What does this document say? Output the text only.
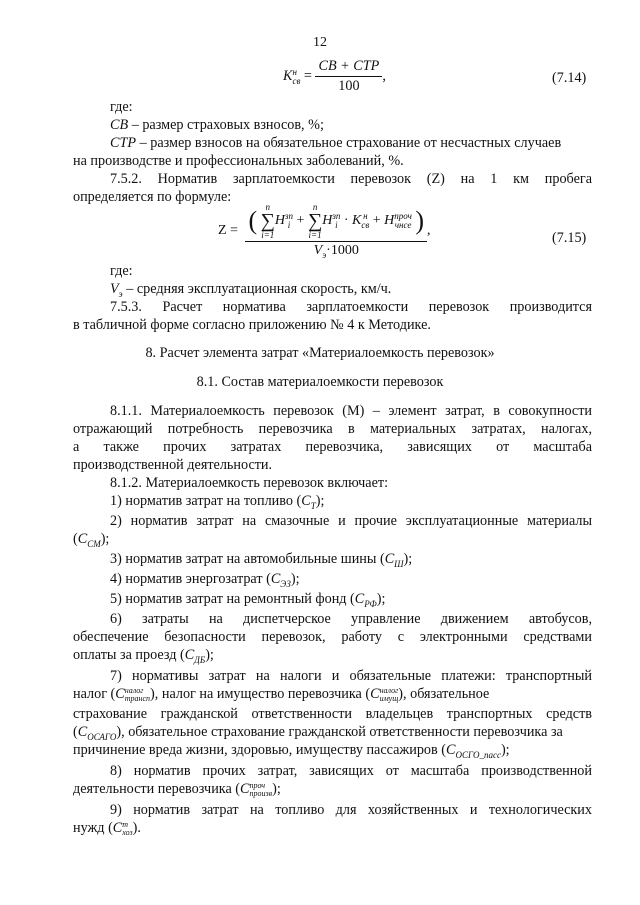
12
K н
св = $\frac{\text{СВ + СТР}}{100}$ ,	(7.14)
где:
СВ – размер страховых взносов, %;
СТР – размер взносов на обязательное страхование от несчастных случаев
на производстве и профессиональных заболеваний, %.
7.5.2. Норматив зарплатоемкости перевозок (Z) на 1 км пробега
определяется по формуле:
Z = ( n
∑
i=1
H зп
i +
n
∑
i=1
H зп
i · K н
св + H проч
чнсе )
$V_э\cdot 1000$
,	(7.15)
где:
$V_э$ – средняя эксплуатационная скорость, км/ч.
7.5.3. Расчет норматива зарплатоемкости перевозок производится
в табличной форме согласно приложению № 4 к Методике.
8. Расчет элемента затрат «Материалоемкость перевозок»
8.1. Состав материалоемкости перевозок
8.1.1. Материалоемкость перевозок (М) – элемент затрат, в совокупности
отражающий потребность перевозчика в материальных затратах, налогах,
а также прочих затратах перевозчика, зависящих от масштаба
производственной деятельности.
8.1.2. Материалоемкость перевозок включает:
1) норматив затрат на топливо $(С_Т)$;
2) норматив затрат на смазочные и прочие эксплуатационные материалы
$(С_{СМ})$;
3) норматив затрат на автомобильные шины $(С_Ш)$;
4) норматив энергозатрат $(С_{ЭЗ})$;
5) норматив затрат на ремонтный фонд $(С_{РФ})$;
6) затраты на диспетчерское управление движением автобусов,
обеспечение безопасности перевозок, работу с электронными средствами
оплаты за проезд $(С_{ДБ})$;
7) нормативы затрат на налоги и обязательные платежи: транспортный
налог (С налог
трансп ), налог на имущество перевозчика (С налог
имущ ), обязательное
страхование гражданской ответственности владельцев транспортных средств
$(С_{ОСАГО})$, обязательное страхование гражданской ответственности перевозчика за
причинение вреда жизни, здоровью, имуществу пассажиров $(С_{ОСГО\_пасс})$;
8) норматив прочих затрат, зависящих от масштаба производственной
деятельности перевозчика (С проч
произв );
9) норматив затрат на топливо для хозяйственных и технологических
нужд (С т
хоз ).
